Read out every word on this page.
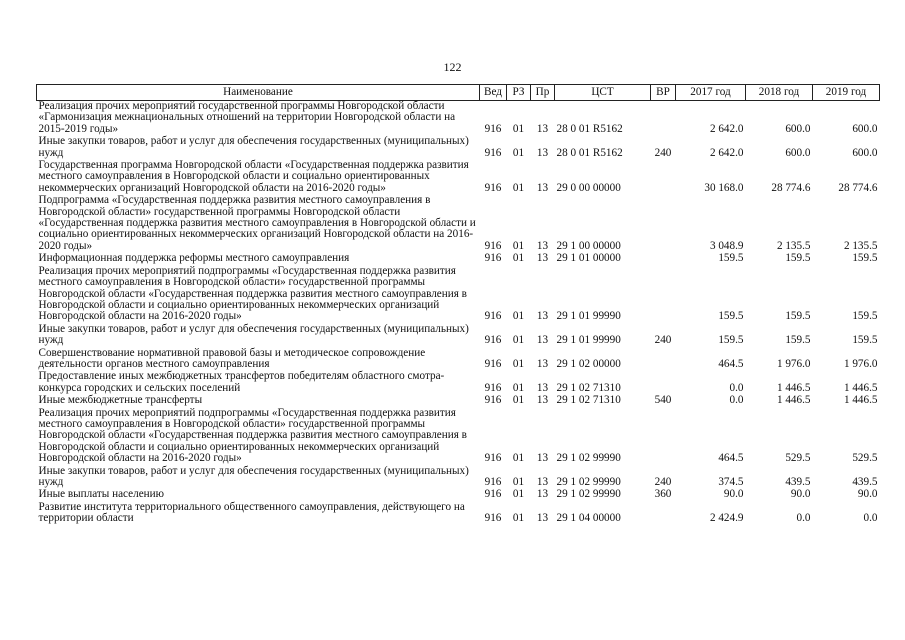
122
Наименование	Вед	РЗ	Пр	ЦСТ	ВР	2017 год	2018 год	2019 год
Реализация прочих мероприятий государственной программы Новгородской области «Гармонизация межнациональных отношений на территории Новгородской области на 2015-2019 годы»	916	01	13	28 0 01 R5162		2 642.0	600.0	600.0
Иные закупки товаров, работ и услуг для обеспечения государственных (муниципальных) нужд	916	01	13	28 0 01 R5162	240	2 642.0	600.0	600.0
Государственная программа Новгородской области «Государственная поддержка развития местного самоуправления в Новгородской области и социально ориентированных некоммерческих организаций Новгородской области на 2016-2020 годы»	916	01	13	29 0 00 00000		30 168.0	28 774.6	28 774.6
Подпрограмма «Государственная поддержка развития местного самоуправления в Новгородской области» государственной программы Новгородской области «Государственная поддержка развития местного самоуправления в Новгородской области и социально ориентированных некоммерческих организаций Новгородской области на 2016-2020 годы»	916	01	13	29 1 00 00000		3 048.9	2 135.5	2 135.5
Информационная поддержка реформы местного самоуправления	916	01	13	29 1 01 00000		159.5	159.5	159.5
Реализация прочих мероприятий подпрограммы «Государственная поддержка развития местного самоуправления в Новгородской области» государственной программы Новгородской области «Государственная поддержка развития местного самоуправления в Новгородской области и социально ориентированных некоммерческих организаций Новгородской области на 2016-2020 годы»	916	01	13	29 1 01 99990		159.5	159.5	159.5
Иные закупки товаров, работ и услуг для обеспечения государственных (муниципальных) нужд	916	01	13	29 1 01 99990	240	159.5	159.5	159.5
Совершенствование нормативной правовой базы и методическое сопровождение деятельности органов местного самоуправления	916	01	13	29 1 02 00000		464.5	1 976.0	1 976.0
Предоставление иных межбюджетных трансфертов победителям областного смотра-конкурса городских и сельских поселений	916	01	13	29 1 02 71310		0.0	1 446.5	1 446.5
Иные межбюджетные трансферты	916	01	13	29 1 02 71310	540	0.0	1 446.5	1 446.5
Реализация прочих мероприятий подпрограммы «Государственная поддержка развития местного самоуправления в Новгородской области» государственной программы Новгородской области «Государственная поддержка развития местного самоуправления в Новгородской области и социально ориентированных некоммерческих организаций Новгородской области на 2016-2020 годы»	916	01	13	29 1 02 99990		464.5	529.5	529.5
Иные закупки товаров, работ и услуг для обеспечения государственных (муниципальных) нужд	916	01	13	29 1 02 99990	240	374.5	439.5	439.5
Иные выплаты населению	916	01	13	29 1 02 99990	360	90.0	90.0	90.0
Развитие института территориального общественного самоуправления, действующего на территории области	916	01	13	29 1 04 00000		2 424.9	0.0	0.0
